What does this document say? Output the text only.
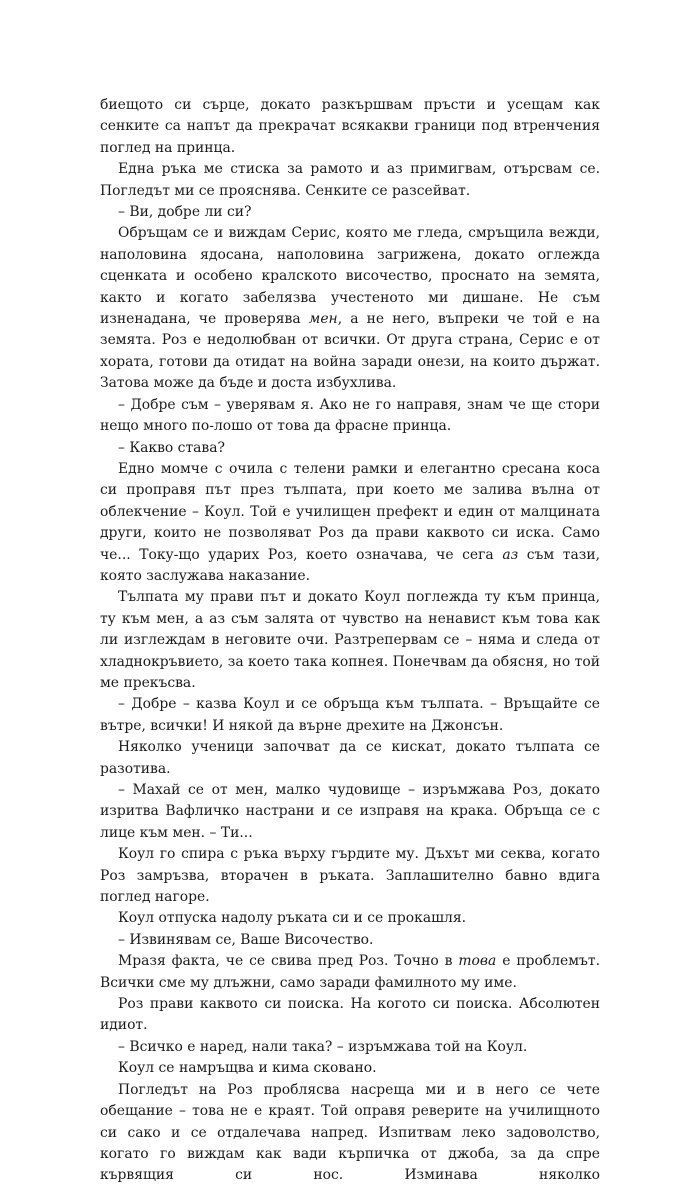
биещото си сърце, докато разкършвам пръсти и усещам как сенките са напът да прекрачат всякакви граници под втренчения поглед на принца.

Една ръка ме стиска за рамото и аз примигвам, отърсвам се. Погледът ми се прояснява. Сенките се разсейват.

– Ви, добре ли си?

Обръщам се и виждам Серис, която ме гледа, смръщила вежди, наполовина ядосана, наполовина загрижена, докато оглежда сценката и особено кралското височество, проснато на земята, както и когато забелязва учестеното ми дишане. Не съм изненадана, че проверява мен, а не него, въпреки че той е на земята. Роз е недолюбван от всички. От друга страна, Серис е от хората, готови да отидат на война заради онези, на които държат. Затова може да бъде и доста избухлива.

– Добре съм – уверявам я. Ако не го направя, знам че ще стори нещо много по-лошо от това да фрасне принца.

– Какво става?

Едно момче с очила с телени рамки и елегантно сресана коса си проправя път през тълпата, при което ме залива вълна от облекчение – Коул. Той е училищен префект и един от малцината други, които не позволяват Роз да прави каквото си иска. Само че... Току-що ударих Роз, което означава, че сега аз съм тази, която заслужава наказание.

Тълпата му прави път и докато Коул поглежда ту към принца, ту към мен, а аз съм залята от чувство на ненавист към това как ли изглеждам в неговите очи. Разтрепервам се – няма и следа от хладнокръвието, за което така копнея. Понечвам да обясня, но той ме прекъсва.

– Добре – казва Коул и се обръща към тълпата. – Връщайте се вътре, всички! И някой да върне дрехите на Джонсън.

Няколко ученици започват да се кискат, докато тълпата се разотива.

– Махай се от мен, малко чудовище – изръмжава Роз, докато изритва Вафличко настрани и се изправя на крака. Обръща се с лице към мен. – Ти...

Коул го спира с ръка върху гърдите му. Дъхът ми секва, когато Роз замръзва, вторачен в ръката. Заплашително бавно вдига поглед нагоре.

Коул отпуска надолу ръката си и се прокашля.

– Извинявам се, Ваше Височество.

Мразя факта, че се свива пред Роз. Точно в това е проблемът. Всички сме му длъжни, само заради фамилното му име.

Роз прави каквото си поиска. На когото си поиска. Абсолютен идиот.

– Всичко е наред, нали така? – изръмжава той на Коул.

Коул се намръщва и кима сковано.

Погледът на Роз проблясва насреща ми и в него се чете обещание – това не е краят. Той оправя реверите на училищното си сако и се отдалечава напред. Изпитвам леко задоволство, когато го виждам как вади кърпичка от джоба, за да спре кървящия си нос. Изминава няколко
